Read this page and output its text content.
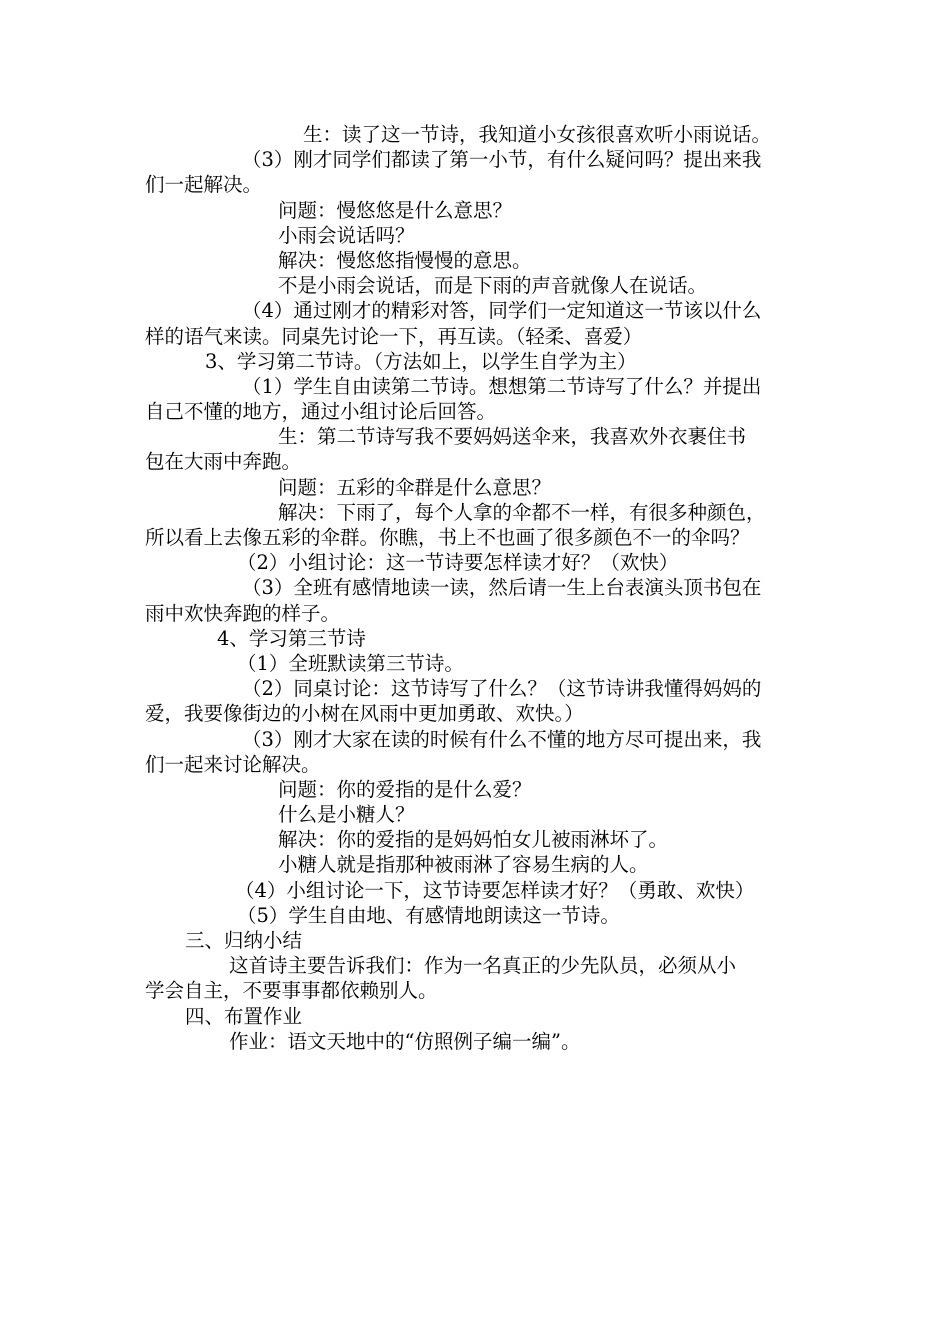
生：读了这一节诗，我知道小女孩很喜欢听小雨说话。
（3）刚才同学们都读了第一小节，有什么疑问吗？提出来我
们一起解决。
问题：慢悠悠是什么意思？
小雨会说话吗？
解决：慢悠悠指慢慢的意思。
不是小雨会说话，而是下雨的声音就像人在说话。
（4）通过刚才的精彩对答，同学们一定知道这一节该以什么
样的语气来读。同桌先讨论一下，再互读。（轻柔、喜爱）
3、学习第二节诗。（方法如上，以学生自学为主）
（1）学生自由读第二节诗。想想第二节诗写了什么？并提出
自己不懂的地方，通过小组讨论后回答。
生：第二节诗写我不要妈妈送伞来，我喜欢外衣裹住书
包在大雨中奔跑。
问题：五彩的伞群是什么意思？
解决：下雨了，每个人拿的伞都不一样，有很多种颜色，
所以看上去像五彩的伞群。你瞧，书上不也画了很多颜色不一的伞吗？
（2）小组讨论：这一节诗要怎样读才好？（欢快）
（3）全班有感情地读一读，然后请一生上台表演头顶书包在
雨中欢快奔跑的样子。
4、学习第三节诗
（1）全班默读第三节诗。
（2）同桌讨论：这节诗写了什么？（这节诗讲我懂得妈妈的
爱，我要像街边的小树在风雨中更加勇敢、欢快。）
（3）刚才大家在读的时候有什么不懂的地方尽可提出来，我
们一起来讨论解决。
问题：你的爱指的是什么爱？
什么是小糖人？
解决：你的爱指的是妈妈怕女儿被雨淋坏了。
小糖人就是指那种被雨淋了容易生病的人。
（4）小组讨论一下，这节诗要怎样读才好？（勇敢、欢快）
（5）学生自由地、有感情地朗读这一节诗。
三、归纳小结
这首诗主要告诉我们：作为一名真正的少先队员，必须从小
学会自主，不要事事都依赖别人。
四、布置作业
作业：语文天地中的“仿照例子编一编”。
